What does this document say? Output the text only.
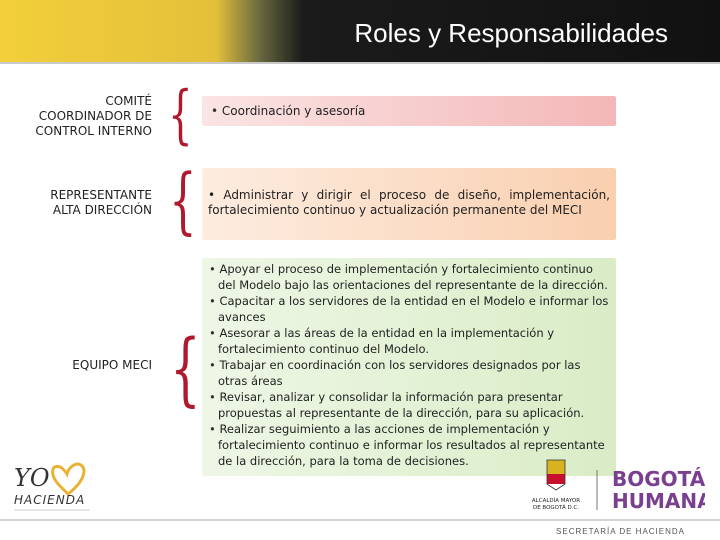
Roles y Responsabilidades
COMITÉ COORDINADOR DE CONTROL INTERNO { • Coordinación y asesoría
REPRESENTANTE ALTA DIRECCIÓN { • Administrar y dirigir el proceso de diseño, implementación, fortalecimiento continuo y actualización permanente del MECI

EQUIPO MECI {
• Apoyar el proceso de implementación y fortalecimiento continuo del Modelo bajo las orientaciones del representante de la dirección.
• Capacitar a los servidores de la entidad en el Modelo e informar los avances
• Asesorar a las áreas de la entidad en la implementación y fortalecimiento continuo del Modelo.
• Trabajar en coordinación con los servidores designados por las otras áreas
• Revisar, analizar y consolidar la información para presentar propuestas al representante de la dirección, para su aplicación.
• Realizar seguimiento a las acciones de implementación y fortalecimiento continuo e informar los resultados al representante de la dirección, para la toma de decisiones.
YO
HACIENDA	ALCALDÍA MAYOR
DE BOGOTÁ D.C.
BOGOTÁ
HUMANA
SECRETARÍA DE HACIENDA
